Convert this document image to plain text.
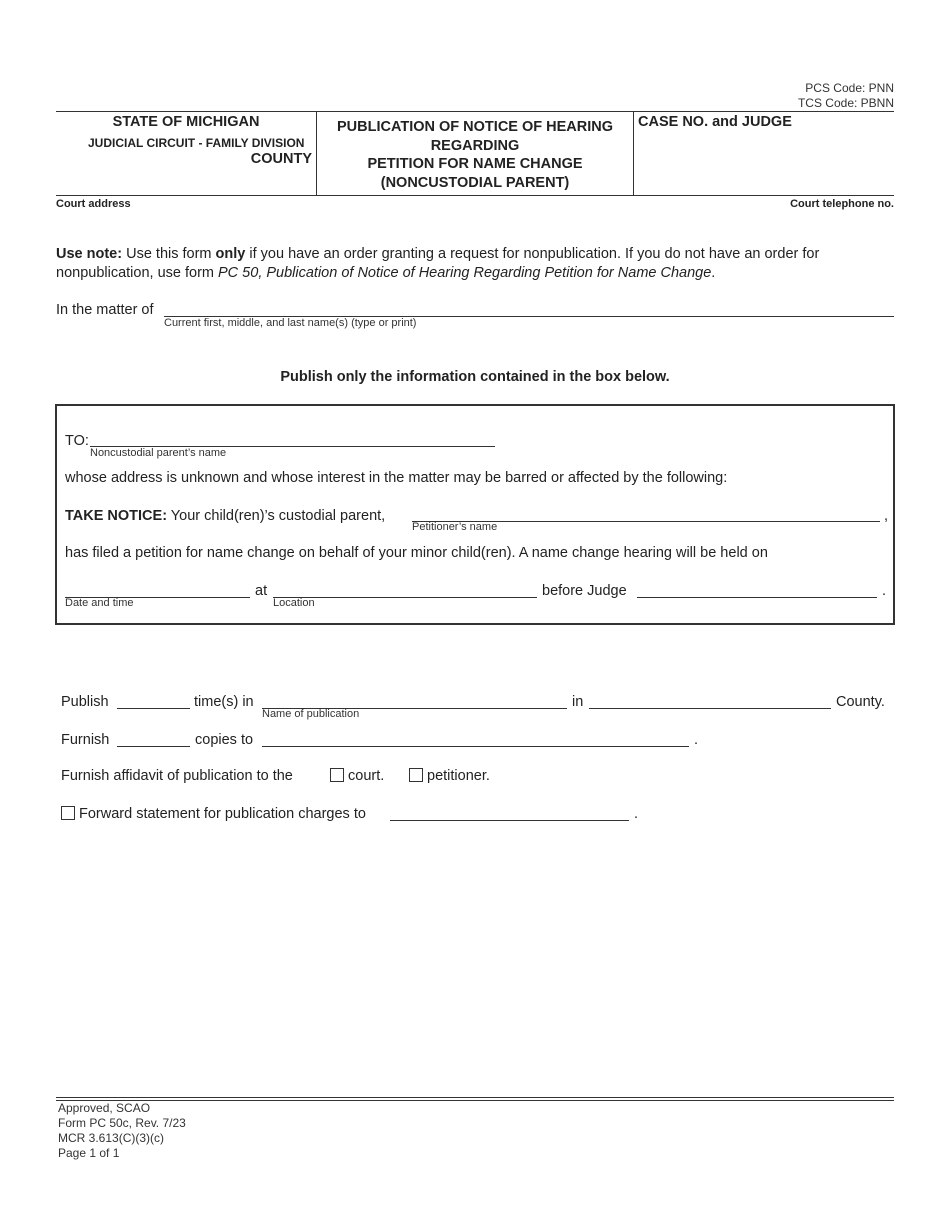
PCS Code: PNN
TCS Code: PBNN
STATE OF MICHIGAN
JUDICIAL CIRCUIT - FAMILY DIVISION
COUNTY
PUBLICATION OF NOTICE OF HEARING
REGARDING
PETITION FOR NAME CHANGE
(NONCUSTODIAL PARENT)
CASE NO. and JUDGE
Court address	Court telephone no.
Use note: Use this form only if you have an order granting a request for nonpublication. If you do not have an order for nonpublication, use form PC 50, Publication of Notice of Hearing Regarding Petition for Name Change.
In the matter of
Current first, middle, and last name(s) (type or print)
Publish only the information contained in the box below.
TO:
Noncustodial parent’s name
whose address is unknown and whose interest in the matter may be barred or affected by the following:
TAKE NOTICE: Your child(ren)’s custodial parent,	,
Petitioner’s name
has filed a petition for name change on behalf of your minor child(ren). A name change hearing will be held on
at	before Judge	.
Date and time	Location
Publish	time(s) in
Name of publication
in	County.
Furnish	copies to	.
Furnish affidavit of publication to the	court.	petitioner.
Forward statement for publication charges to	.
Approved, SCAO
Form PC 50c, Rev. 7/23
MCR 3.613(C)(3)(c)
Page 1 of 1
